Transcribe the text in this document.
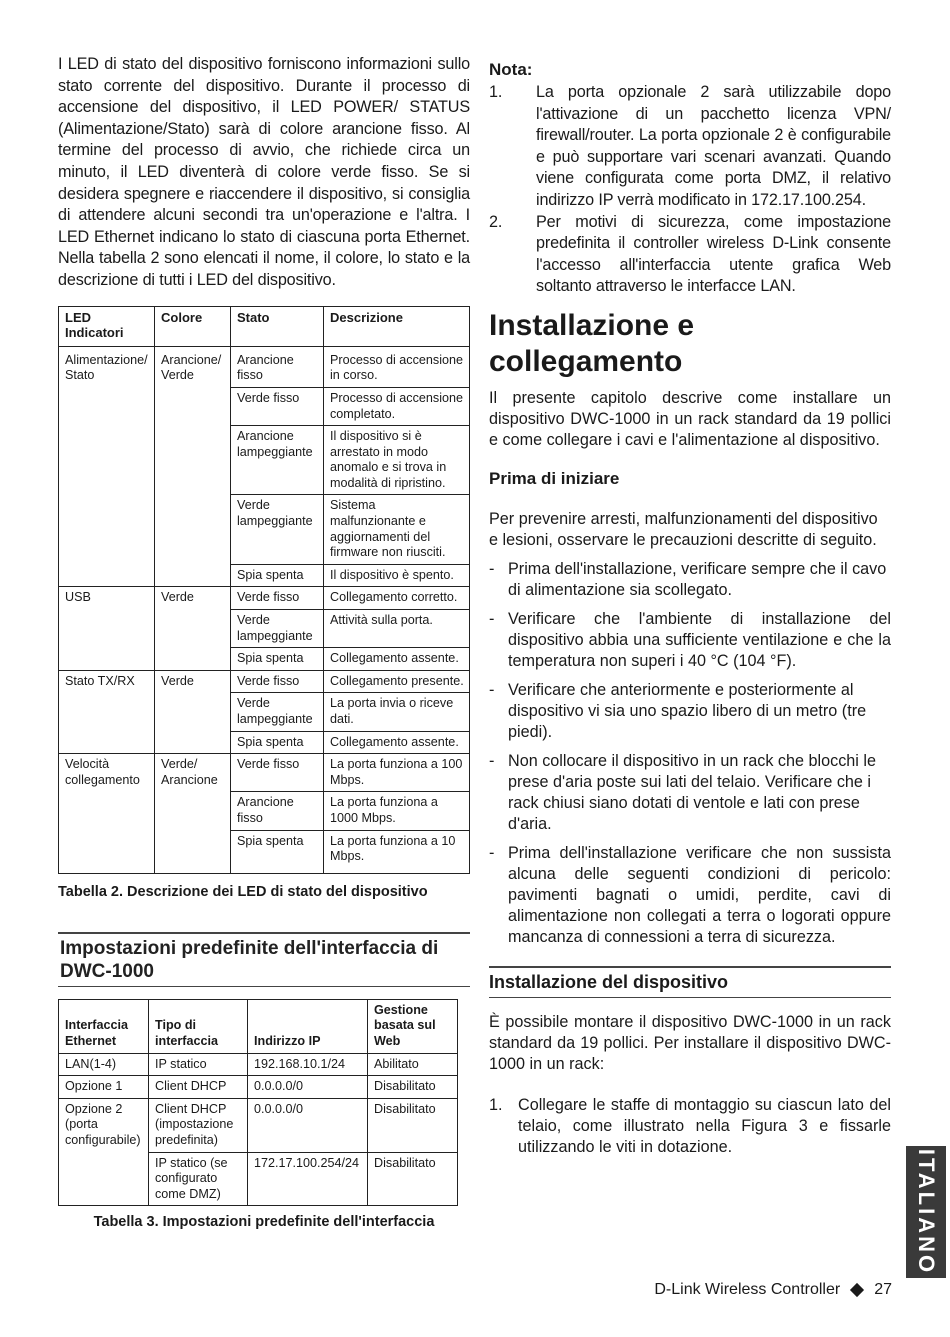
I LED di stato del dispositivo forniscono informazioni sullo stato corrente del dispositivo. Durante il processo di accensione del dispositivo, il LED POWER/ STATUS (Alimentazione/Stato) sarà di colore arancione fisso. Al termine del processo di avvio, che richiede circa un minuto, il LED diventerà di colore verde fisso. Se si desidera spegnere e riaccendere il dispositivo, si consiglia di attendere alcuni secondi tra un'operazione e l'altra. I LED Ethernet indicano lo stato di ciascuna porta Ethernet. Nella tabella 2 sono elencati il nome, il colore, lo stato e la descrizione di tutti i LED del dispositivo.

LED Indicatori	Colore	Stato	Descrizione
Alimentazione/ Stato	Arancione/ Verde	Arancione fisso	Processo di accensione in corso.
		Verde fisso	Processo di accensione completato.
		Arancione lampeggiante	Il dispositivo si è arrestato in modo anomalo e si trova in modalità di ripristino.
		Verde lampeggiante	Sistema malfunzionante e aggiornamenti del firmware non riusciti.
		Spia spenta	Il dispositivo è spento.
USB	Verde	Verde fisso	Collegamento corretto.
		Verde lampeggiante	Attività sulla porta.
		Spia spenta	Collegamento assente.
Stato TX/RX	Verde	Verde fisso	Collegamento presente.
		Verde lampeggiante	La porta invia o riceve dati.
		Spia spenta	Collegamento assente.
Velocità collegamento	Verde/ Arancione	Verde fisso	La porta funziona a 100 Mbps.
		Arancione fisso	La porta funziona a 1000 Mbps.
		Spia spenta	La porta funziona a 10 Mbps.
Tabella 2. Descrizione dei LED di stato del dispositivo
Impostazioni predefinite dell'interfaccia di DWC-1000
Interfaccia Ethernet	Tipo di interfaccia	Indirizzo IP	Gestione basata sul Web
LAN(1-4)	IP statico	192.168.10.1/24	Abilitato
Opzione 1	Client DHCP	0.0.0.0/0	Disabilitato
Opzione 2 (porta configurabile)	Client DHCP (impostazione predefinita)	0.0.0.0/0	Disabilitato
	IP statico (se configurato come DMZ)	172.17.100.254/24	Disabilitato
Tabella 3. Impostazioni predefinite dell'interfaccia
Nota:
1.	La porta opzionale 2 sarà utilizzabile dopo l'attivazione di un pacchetto licenza VPN/ firewall/router. La porta opzionale 2 è configurabile e può supportare vari scenari avanzati. Quando viene configurata come porta DMZ, il relativo indirizzo IP verrà modificato in 172.17.100.254.
2.	Per motivi di sicurezza, come impostazione predefinita il controller wireless D-Link consente l'accesso all'interfaccia utente grafica Web soltanto attraverso le interfacce LAN.
Installazione e collegamento

Il presente capitolo descrive come installare un dispositivo DWC-1000 in un rack standard da 19 pollici e come collegare i cavi e l'alimentazione al dispositivo.

Prima di iniziare

Per prevenire arresti, malfunzionamenti del dispositivo e lesioni, osservare le precauzioni descritte di seguito.

- Prima dell'installazione, verificare sempre che il cavo di alimentazione sia scollegato.
- Verificare che l'ambiente di installazione del dispositivo abbia una sufficiente ventilazione e che la temperatura non superi i 40 °C (104 °F).
- Verificare che anteriormente e posteriormente al dispositivo vi sia uno spazio libero di un metro (tre piedi).
- Non collocare il dispositivo in un rack che blocchi le prese d'aria poste sui lati del telaio. Verificare che i rack chiusi siano dotati di ventole e lati con prese d'aria.
- Prima dell'installazione verificare che non sussista alcuna delle seguenti condizioni di pericolo: pavimenti bagnati o umidi, perdite, cavi di alimentazione non collegati a terra o logorati oppure mancanza di connessioni a terra di sicurezza.
Installazione del dispositivo

È possibile montare il dispositivo DWC-1000 in un rack standard da 19 pollici. Per installare il dispositivo DWC-1000 in un rack:

1. Collegare le staffe di montaggio su ciascun lato del telaio, come illustrato nella Figura 3 e fissarle utilizzando le viti in dotazione.
ITALIANO
D-Link Wireless Controller 27
